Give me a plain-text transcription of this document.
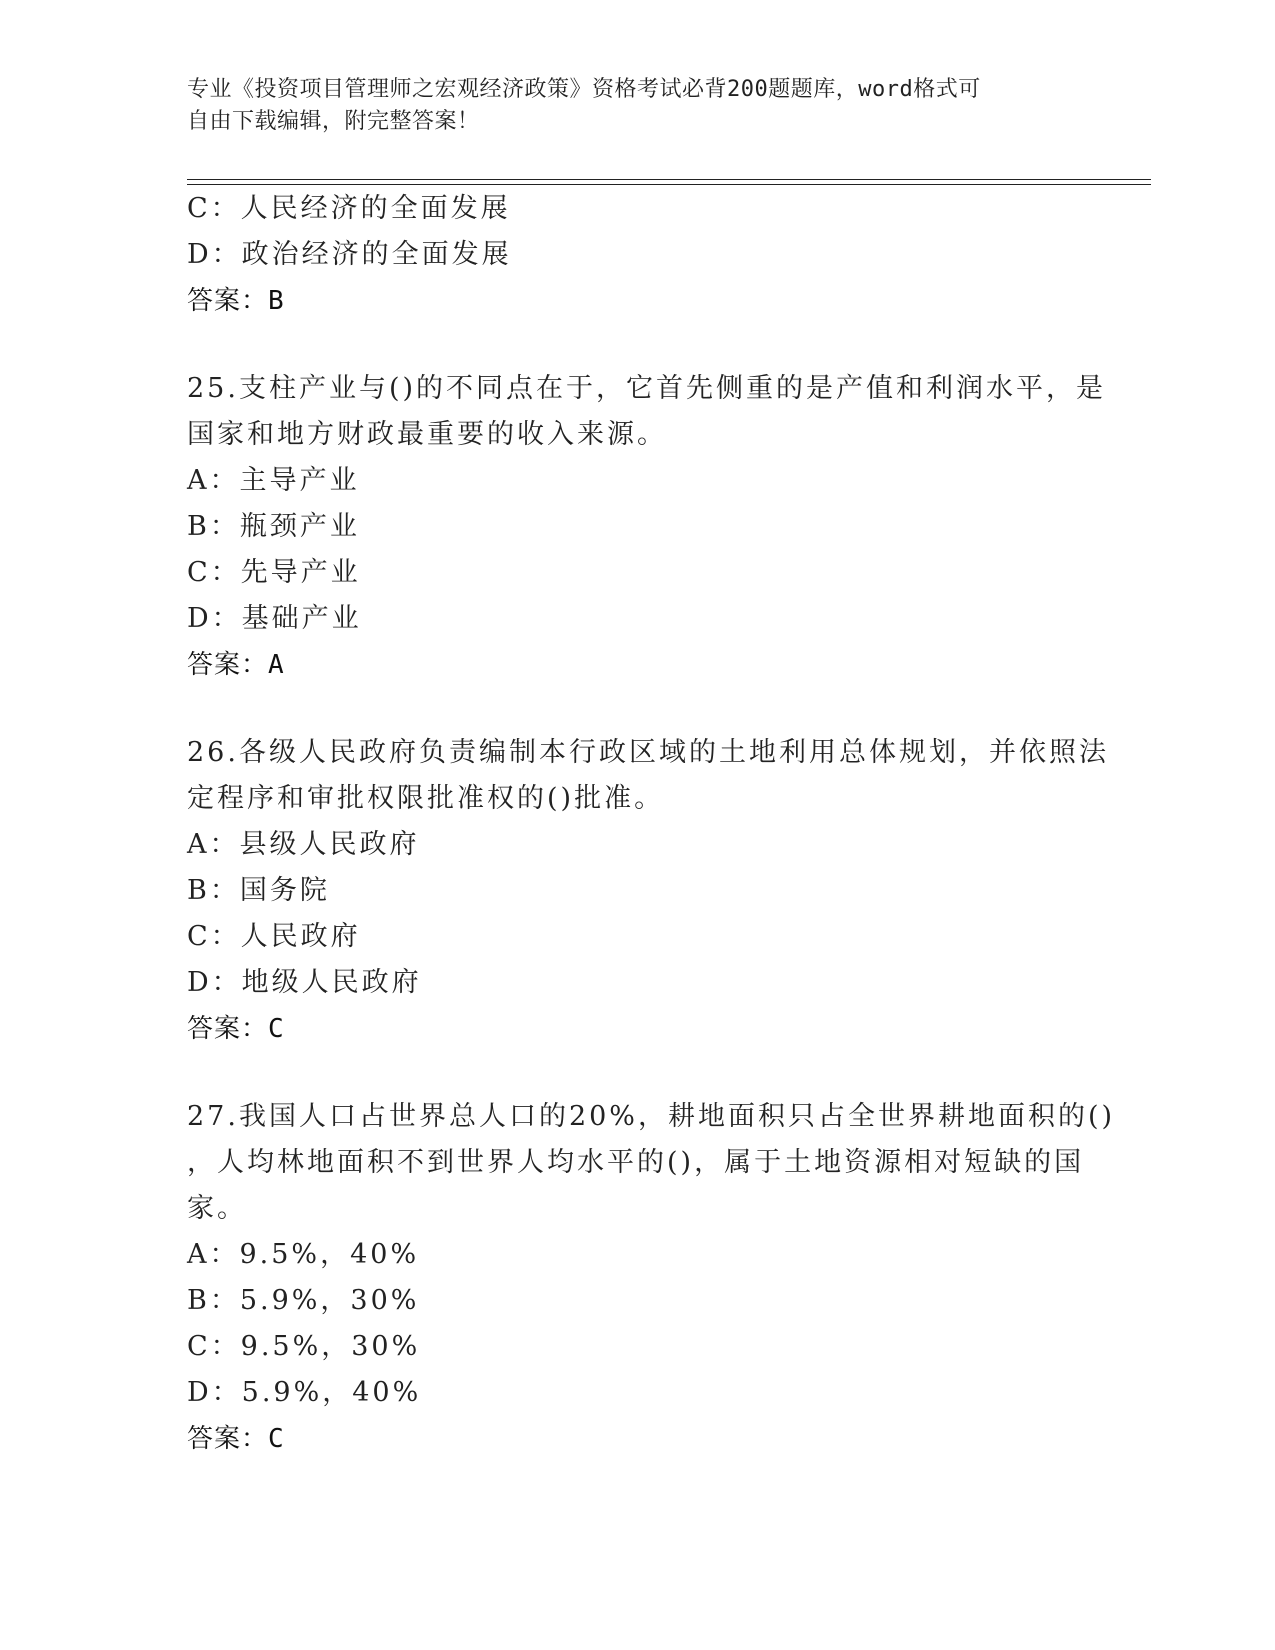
专业《投资项目管理师之宏观经济政策》资格考试必背200题题库，word格式可
自由下载编辑，附完整答案！
C：人民经济的全面发展
D：政治经济的全面发展
答案：B
25.支柱产业与()的不同点在于，它首先侧重的是产值和利润水平，是
国家和地方财政最重要的收入来源。
A：主导产业
B：瓶颈产业
C：先导产业
D：基础产业
答案：A
26.各级人民政府负责编制本行政区域的土地利用总体规划，并依照法
定程序和审批权限批准权的()批准。
A：县级人民政府
B：国务院
C：人民政府
D：地级人民政府
答案：C
27.我国人口占世界总人口的20%，耕地面积只占全世界耕地面积的()
，人均林地面积不到世界人均水平的()，属于土地资源相对短缺的国
家。
A：9.5%，40%
B：5.9%，30%
C：9.5%，30%
D：5.9%，40%
答案：C
